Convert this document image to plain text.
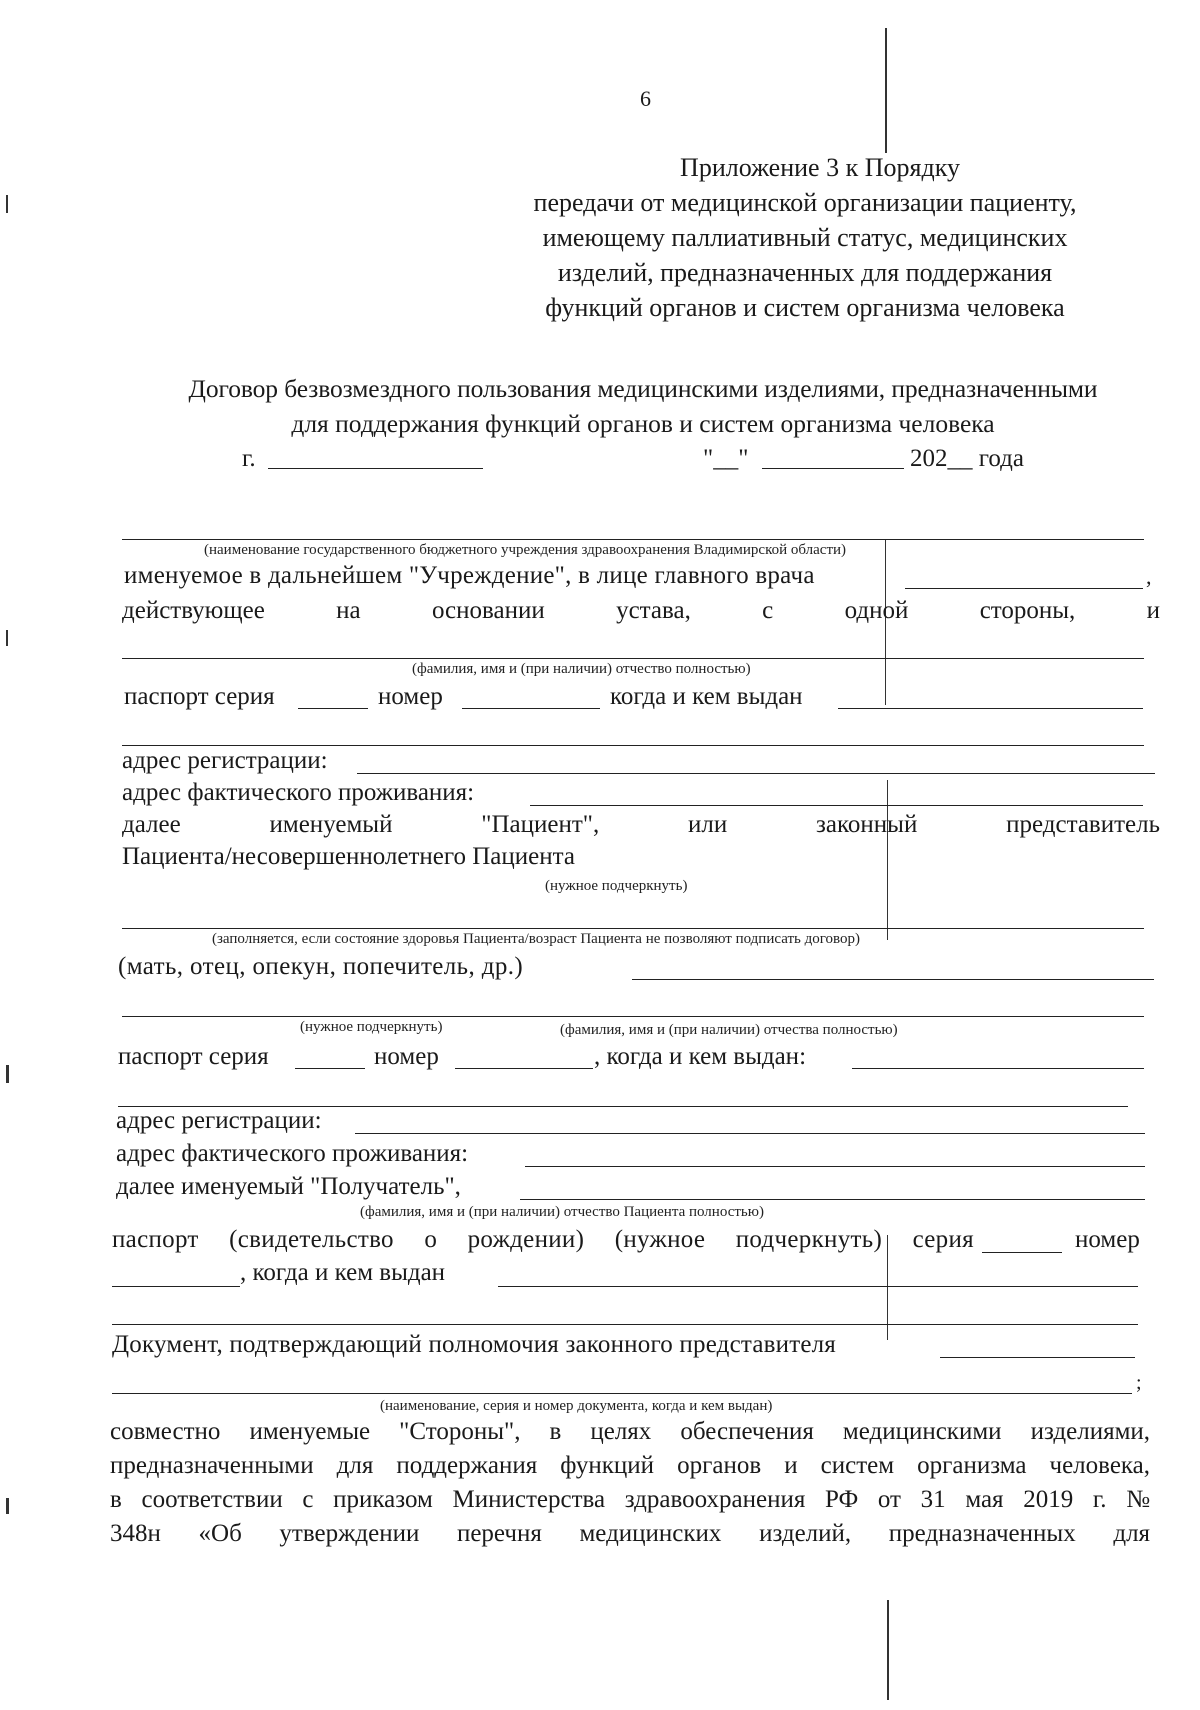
6
Приложение 3 к Порядку
передачи от медицинской организации пациенту,
имеющему паллиативный статус, медицинских
изделий, предназначенных для поддержания
функций органов и систем организма человека
Договор безвозмездного пользования медицинскими изделиями, предназначенными
для поддержания функций органов и систем организма человека
г.	"__"	202__ года
(наименование государственного бюджетного учреждения здравоохранения Владимирской области)
именуемое в дальнейшем "Учреждение", в лице главного врача	,
действующее	на	основании	устава,	с	одной	стороны,	и
(фамилия, имя и (при наличии) отчество полностью)
паспорт серия	номер	когда и кем выдан
адрес регистрации:
адрес фактического проживания:
далее	именуемый	"Пациент",	или	законный	представитель
Пациента/несовершеннолетнего Пациента
(нужное подчеркнуть)
(заполняется, если состояние здоровья Пациента/возраст Пациента не позволяют подписать договор)
(мать, отец, опекун, попечитель, др.)
(нужное подчеркнуть)	(фамилия, имя и (при наличии) отчества полностью)
паспорт серия	номер	, когда и кем выдан:
адрес регистрации:
адрес фактического проживания:
далее именуемый "Получатель",
(фамилия, имя и (при наличии) отчество Пациента полностью)
паспорт (свидетельство о рождении) (нужное подчеркнуть) серия	номер
, когда и кем выдан
Документ, подтверждающий полномочия законного представителя
;
(наименование, серия и номер документа, когда и кем выдан)
совместно именуемые "Стороны", в целях обеспечения медицинскими изделиями,
предназначенными для поддержания функций органов и систем организма человека,
в соответствии с приказом Министерства здравоохранения РФ от 31 мая 2019 г. №
348н «Об утверждении перечня медицинских изделий, предназначенных для
